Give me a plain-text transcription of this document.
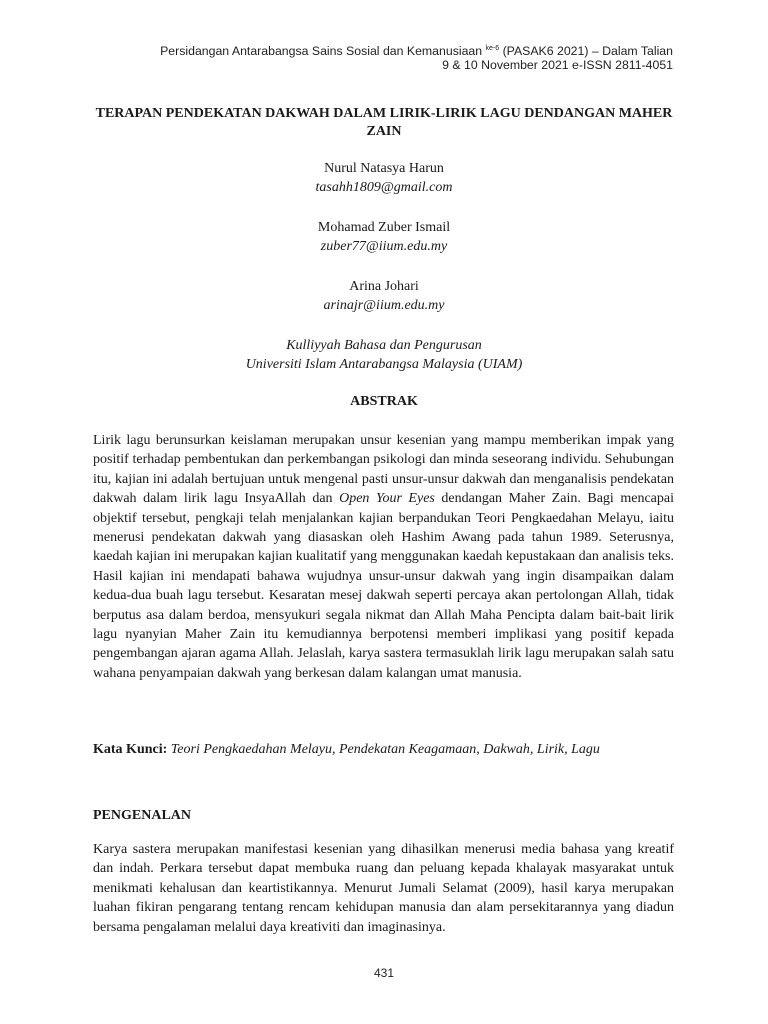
Persidangan Antarabangsa Sains Sosial dan Kemanusiaan $^{ke-6}$ (PASAK6 2021) – Dalam Talian
9 & 10 November 2021 e-ISSN 2811-4051
TERAPAN PENDEKATAN DAKWAH DALAM LIRIK-LIRIK LAGU DENDANGAN MAHER ZAIN
Nurul Natasya Harun
tasahh1809@gmail.com
Mohamad Zuber Ismail
zuber77@iium.edu.my
Arina Johari
arinajr@iium.edu.my
Kulliyyah Bahasa dan Pengurusan
Universiti Islam Antarabangsa Malaysia (UIAM)
ABSTRAK
Lirik lagu berunsurkan keislaman merupakan unsur kesenian yang mampu memberikan impak yang positif terhadap pembentukan dan perkembangan psikologi dan minda seseorang individu. Sehubungan itu, kajian ini adalah bertujuan untuk mengenal pasti unsur-unsur dakwah dan menganalisis pendekatan dakwah dalam lirik lagu InsyaAllah dan Open Your Eyes dendangan Maher Zain. Bagi mencapai objektif tersebut, pengkaji telah menjalankan kajian berpandukan Teori Pengkaedahan Melayu, iaitu menerusi pendekatan dakwah yang diasaskan oleh Hashim Awang pada tahun 1989. Seterusnya, kaedah kajian ini merupakan kajian kualitatif yang menggunakan kaedah kepustakaan dan analisis teks. Hasil kajian ini mendapati bahawa wujudnya unsur-unsur dakwah yang ingin disampaikan dalam kedua-dua buah lagu tersebut. Kesaratan mesej dakwah seperti percaya akan pertolongan Allah, tidak berputus asa dalam berdoa, mensyukuri segala nikmat dan Allah Maha Pencipta dalam bait-bait lirik lagu nyanyian Maher Zain itu kemudiannya berpotensi memberi implikasi yang positif kepada pengembangan ajaran agama Allah. Jelaslah, karya sastera termasuklah lirik lagu merupakan salah satu wahana penyampaian dakwah yang berkesan dalam kalangan umat manusia.
Kata Kunci: Teori Pengkaedahan Melayu, Pendekatan Keagamaan, Dakwah, Lirik, Lagu
PENGENALAN
Karya sastera merupakan manifestasi kesenian yang dihasilkan menerusi media bahasa yang kreatif dan indah. Perkara tersebut dapat membuka ruang dan peluang kepada khalayak masyarakat untuk menikmati kehalusan dan keartistikannya. Menurut Jumali Selamat (2009), hasil karya merupakan luahan fikiran pengarang tentang rencam kehidupan manusia dan alam persekitarannya yang diadun bersama pengalaman melalui daya kreativiti dan imaginasinya.
431
